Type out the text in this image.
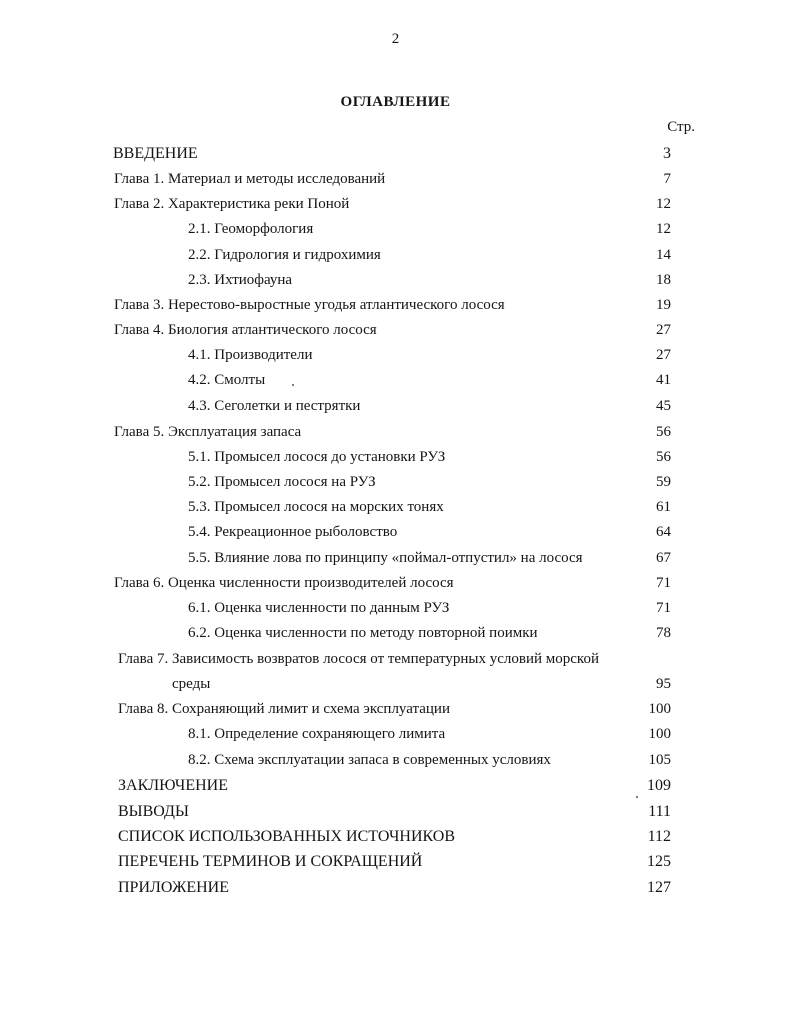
2
ОГЛАВЛЕНИЕ
Стр.
ВВЕДЕНИЕ	3
Глава 1. Материал и методы исследований	7
Глава 2. Характеристика реки Поной	12
2.1. Геоморфология	12
2.2. Гидрология и гидрохимия	14
2.3. Ихтиофауна	18
Глава 3. Нерестово-выростные угодья атлантического лосося	19
Глава 4. Биология атлантического лосося	27
4.1. Производители	27
4.2. Смолты	41
4.3. Сеголетки и пестрятки	45
Глава 5. Эксплуатация запаса	56
5.1. Промысел лосося до установки РУЗ	56
5.2. Промысел лосося на РУЗ	59
5.3. Промысел лосося на морских тонях	61
5.4. Рекреационное рыболовство	64
5.5. Влияние лова по принципу «поймал-отпустил» на лосося	67
Глава 6. Оценка численности производителей лосося	71
6.1. Оценка численности по данным РУЗ	71
6.2. Оценка численности по методу повторной поимки	78
Глава 7. Зависимость возвратов лосося от температурных условий морской
среды	95
Глава 8. Сохраняющий лимит и схема эксплуатации	100
8.1. Определение сохраняющего лимита	100
8.2. Схема эксплуатации запаса в современных условиях	105
ЗАКЛЮЧЕНИЕ	109
ВЫВОДЫ	111
СПИСОК ИСПОЛЬЗОВАННЫХ ИСТОЧНИКОВ	112
ПЕРЕЧЕНЬ ТЕРМИНОВ И СОКРАЩЕНИЙ	125
ПРИЛОЖЕНИЕ	127
